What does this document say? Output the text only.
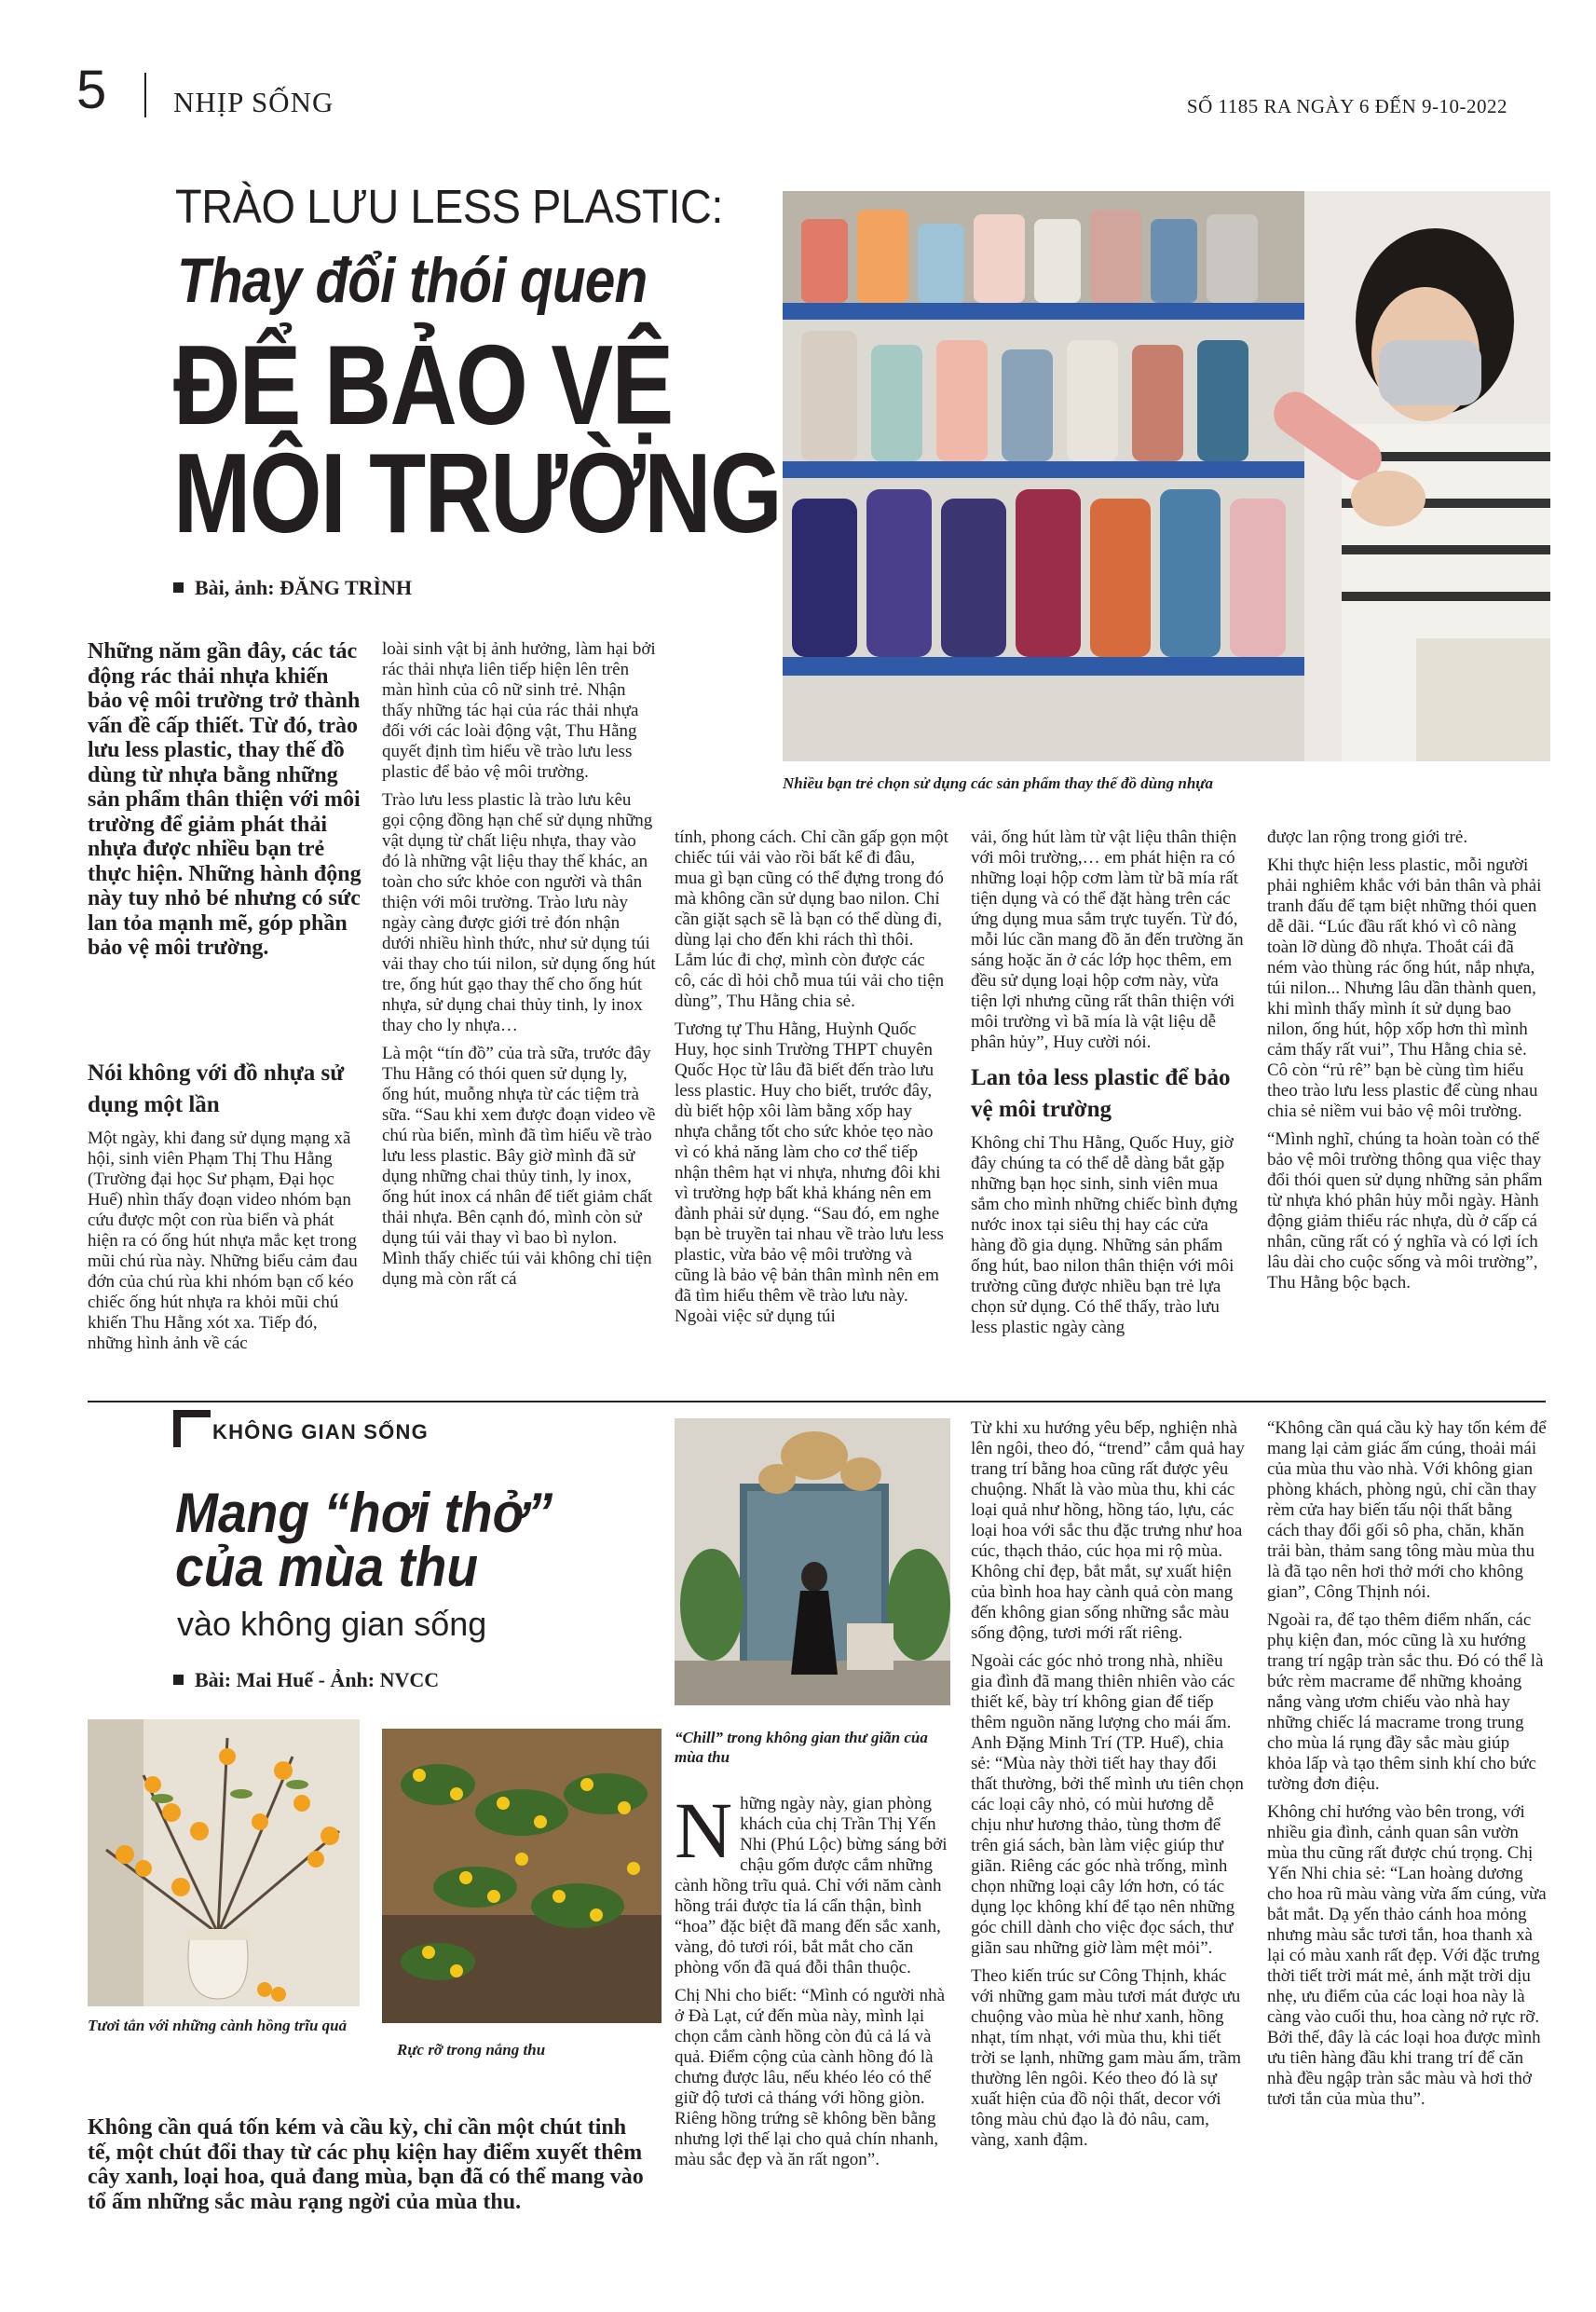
5 NHỊP SỐNG	SỐ 1185 RA NGÀY 6 ĐẾN 9-10-2022
TRÀO LƯU LESS PLASTIC:
Thay đổi thói quen
ĐỂ BẢO VỆ
MÔI TRƯỜNG
Bài, ảnh: ĐĂNG TRÌNH
Nhiều bạn trẻ chọn sử dụng các sản phẩm thay thế đồ dùng nhựa
Những năm gần đây, các tác động rác thải nhựa khiến bảo vệ môi trường trở thành vấn đề cấp thiết. Từ đó, trào lưu less plastic, thay thế đồ dùng từ nhựa bằng những sản phẩm thân thiện với môi trường để giảm phát thải nhựa được nhiều bạn trẻ thực hiện. Những hành động này tuy nhỏ bé nhưng có sức lan tỏa mạnh mẽ, góp phần bảo vệ môi trường.
Nói không với đồ nhựa sử dụng một lần

Một ngày, khi đang sử dụng mạng xã hội, sinh viên Phạm Thị Thu Hằng (Trường đại học Sư phạm, Đại học Huế) nhìn thấy đoạn video nhóm bạn cứu được một con rùa biển và phát hiện ra có ống hút nhựa mắc kẹt trong mũi chú rùa này. Những biểu cảm đau đớn của chú rùa khi nhóm bạn cố kéo chiếc ống hút nhựa ra khỏi mũi chú khiến Thu Hằng xót xa. Tiếp đó, những hình ảnh về các

loài sinh vật bị ảnh hưởng, làm hại bởi rác thải nhựa liên tiếp hiện lên trên màn hình của cô nữ sinh trẻ. Nhận thấy những tác hại của rác thải nhựa đối với các loài động vật, Thu Hằng quyết định tìm hiểu về trào lưu less plastic để bảo vệ môi trường.

Trào lưu less plastic là trào lưu kêu gọi cộng đồng hạn chế sử dụng những vật dụng từ chất liệu nhựa, thay vào đó là những vật liệu thay thế khác, an toàn cho sức khỏe con người và thân thiện với môi trường. Trào lưu này ngày càng được giới trẻ đón nhận dưới nhiều hình thức, như sử dụng túi vải thay cho túi nilon, sử dụng ống hút tre, ống hút gạo thay thế cho ống hút nhựa, sử dụng chai thủy tinh, ly inox thay cho ly nhựa…

Là một “tín đồ” của trà sữa, trước đây Thu Hằng có thói quen sử dụng ly, ống hút, muỗng nhựa từ các tiệm trà sữa. “Sau khi xem được đoạn video về chú rùa biển, mình đã tìm hiểu về trào lưu less plastic. Bây giờ mình đã sử dụng những chai thủy tinh, ly inox, ống hút inox cá nhân để tiết giảm chất thải nhựa. Bên cạnh đó, mình còn sử dụng túi vải thay vì bao bì nylon. Mình thấy chiếc túi vải không chỉ tiện dụng mà còn rất cá

tính, phong cách. Chỉ cần gấp gọn một chiếc túi vải vào rồi bất kể đi đâu, mua gì bạn cũng có thể đựng trong đó mà không cần sử dụng bao nilon. Chỉ cần giặt sạch sẽ là bạn có thể dùng đi, dùng lại cho đến khi rách thì thôi. Lắm lúc đi chợ, mình còn được các cô, các dì hỏi chỗ mua túi vải cho tiện dùng”, Thu Hằng chia sẻ.

Tương tự Thu Hằng, Huỳnh Quốc Huy, học sinh Trường THPT chuyên Quốc Học từ lâu đã biết đến trào lưu less plastic. Huy cho biết, trước đây, dù biết hộp xôi làm bằng xốp hay nhựa chẳng tốt cho sức khỏe tẹo nào vì có khả năng làm cho cơ thể tiếp nhận thêm hạt vi nhựa, nhưng đôi khi vì trường hợp bất khả kháng nên em đành phải sử dụng. “Sau đó, em nghe bạn bè truyền tai nhau về trào lưu less plastic, vừa bảo vệ môi trường và cũng là bảo vệ bản thân mình nên em đã tìm hiểu thêm về trào lưu này. Ngoài việc sử dụng túi

vải, ống hút làm từ vật liệu thân thiện với môi trường,… em phát hiện ra có những loại hộp cơm làm từ bã mía rất tiện dụng và có thể đặt hàng trên các ứng dụng mua sắm trực tuyến. Từ đó, mỗi lúc cần mang đồ ăn đến trường ăn sáng hoặc ăn ở các lớp học thêm, em đều sử dụng loại hộp cơm này, vừa tiện lợi nhưng cũng rất thân thiện với môi trường vì bã mía là vật liệu dễ phân hủy”, Huy cười nói.

Lan tỏa less plastic để bảo vệ môi trường

Không chỉ Thu Hằng, Quốc Huy, giờ đây chúng ta có thể dễ dàng bắt gặp những bạn học sinh, sinh viên mua sắm cho mình những chiếc bình đựng nước inox tại siêu thị hay các cửa hàng đồ gia dụng. Những sản phẩm ống hút, bao nilon thân thiện với môi trường cũng được nhiều bạn trẻ lựa chọn sử dụng. Có thể thấy, trào lưu less plastic ngày càng

được lan rộng trong giới trẻ.

Khi thực hiện less plastic, mỗi người phải nghiêm khắc với bản thân và phải tranh đấu để tạm biệt những thói quen dễ dãi. “Lúc đầu rất khó vì cô nàng toàn lỡ dùng đồ nhựa. Thoắt cái đã ném vào thùng rác ống hút, nắp nhựa, túi nilon... Nhưng lâu dần thành quen, khi mình thấy mình ít sử dụng bao nilon, ống hút, hộp xốp hơn thì mình cảm thấy rất vui”, Thu Hằng chia sẻ. Cô còn “rủ rê” bạn bè cùng tìm hiểu theo trào lưu less plastic để cùng nhau chia sẻ niềm vui bảo vệ môi trường.

“Mình nghĩ, chúng ta hoàn toàn có thể bảo vệ môi trường thông qua việc thay đổi thói quen sử dụng những sản phẩm từ nhựa khó phân hủy mỗi ngày. Hành động giảm thiểu rác nhựa, dù ở cấp cá nhân, cũng rất có ý nghĩa và có lợi ích lâu dài cho cuộc sống và môi trường”, Thu Hằng bộc bạch.

KHÔNG GIAN SỐNG
Mang “hơi thở”
của mùa thu
vào không gian sống
Bài: Mai Huế - Ảnh: NVCC
Tươi tắn với những cành hồng trĩu quả
Rực rỡ trong nắng thu
“Chill” trong không gian thư giãn của mùa thu
Không cần quá tốn kém và cầu kỳ, chỉ cần một chút tinh tế, một chút đổi thay từ các phụ kiện hay điểm xuyết thêm cây xanh, loại hoa, quả đang mùa, bạn đã có thể mang vào tổ ấm những sắc màu rạng ngời của mùa thu.

Những ngày này, gian phòng khách của chị Trần Thị Yến Nhi (Phú Lộc) bừng sáng bởi chậu gốm được cắm những cành hồng trĩu quả. Chỉ với năm cành hồng trái được tỉa lá cẩn thận, bình “hoa” đặc biệt đã mang đến sắc xanh, vàng, đỏ tươi rói, bắt mắt cho căn phòng vốn đã quá đỗi thân thuộc.

Chị Nhi cho biết: “Mình có người nhà ở Đà Lạt, cứ đến mùa này, mình lại chọn cắm cành hồng còn đủ cả lá và quả. Điểm cộng của cành hồng đó là chưng được lâu, nếu khéo léo có thể giữ độ tươi cả tháng với hồng giòn. Riêng hồng trứng sẽ không bền bằng nhưng lợi thế lại cho quả chín nhanh, màu sắc đẹp và ăn rất ngon”.

Từ khi xu hướng yêu bếp, nghiện nhà lên ngôi, theo đó, “trend” cắm quả hay trang trí bằng hoa cũng rất được yêu chuộng. Nhất là vào mùa thu, khi các loại quả như hồng, hồng táo, lựu, các loại hoa với sắc thu đặc trưng như hoa cúc, thạch thảo, cúc họa mi rộ mùa. Không chỉ đẹp, bắt mắt, sự xuất hiện của bình hoa hay cành quả còn mang đến không gian sống những sắc màu sống động, tươi mới rất riêng.

Ngoài các góc nhỏ trong nhà, nhiều gia đình đã mang thiên nhiên vào các thiết kế, bày trí không gian để tiếp thêm nguồn năng lượng cho mái ấm. Anh Đặng Minh Trí (TP. Huế), chia sẻ: “Mùa này thời tiết hay thay đổi thất thường, bởi thế mình ưu tiên chọn các loại cây nhỏ, có mùi hương dễ chịu như hương thảo, tùng thơm để trên giá sách, bàn làm việc giúp thư giãn. Riêng các góc nhà trống, mình chọn những loại cây lớn hơn, có tác dụng lọc không khí để tạo nên những góc chill dành cho việc đọc sách, thư giãn sau những giờ làm mệt mỏi”.

Theo kiến trúc sư Công Thịnh, khác với những gam màu tươi mát được ưu chuộng vào mùa hè như xanh, hồng nhạt, tím nhạt, với mùa thu, khi tiết trời se lạnh, những gam màu ấm, trầm thường lên ngôi. Kéo theo đó là sự xuất hiện của đồ nội thất, decor với tông màu chủ đạo là đỏ nâu, cam, vàng, xanh đậm.

“Không cần quá cầu kỳ hay tốn kém để mang lại cảm giác ấm cúng, thoải mái của mùa thu vào nhà. Với không gian phòng khách, phòng ngủ, chỉ cần thay rèm cửa hay biến tấu nội thất bằng cách thay đổi gối sô pha, chăn, khăn trải bàn, thảm sang tông màu mùa thu là đã tạo nên hơi thở mới cho không gian”, Công Thịnh nói.

Ngoài ra, để tạo thêm điểm nhấn, các phụ kiện đan, móc cũng là xu hướng trang trí ngập tràn sắc thu. Đó có thể là bức rèm macrame để những khoảng nắng vàng ươm chiếu vào nhà hay những chiếc lá macrame trong trung cho mùa lá rụng đầy sắc màu giúp khỏa lấp và tạo thêm sinh khí cho bức tường đơn điệu.

Không chỉ hướng vào bên trong, với nhiều gia đình, cảnh quan sân vườn mùa thu cũng rất được chú trọng. Chị Yến Nhi chia sẻ: “Lan hoàng dương cho hoa rũ màu vàng vừa ấm cúng, vừa bắt mắt. Dạ yến thảo cánh hoa mỏng nhưng màu sắc tươi tắn, hoa thanh xà lại có màu xanh rất đẹp. Với đặc trưng thời tiết trời mát mẻ, ánh mặt trời dịu nhẹ, ưu điểm của các loại hoa này là càng vào cuối thu, hoa càng nở rực rỡ. Bởi thế, đây là các loại hoa được mình ưu tiên hàng đầu khi trang trí để căn nhà đều ngập tràn sắc màu và hơi thở tươi tắn của mùa thu”.
